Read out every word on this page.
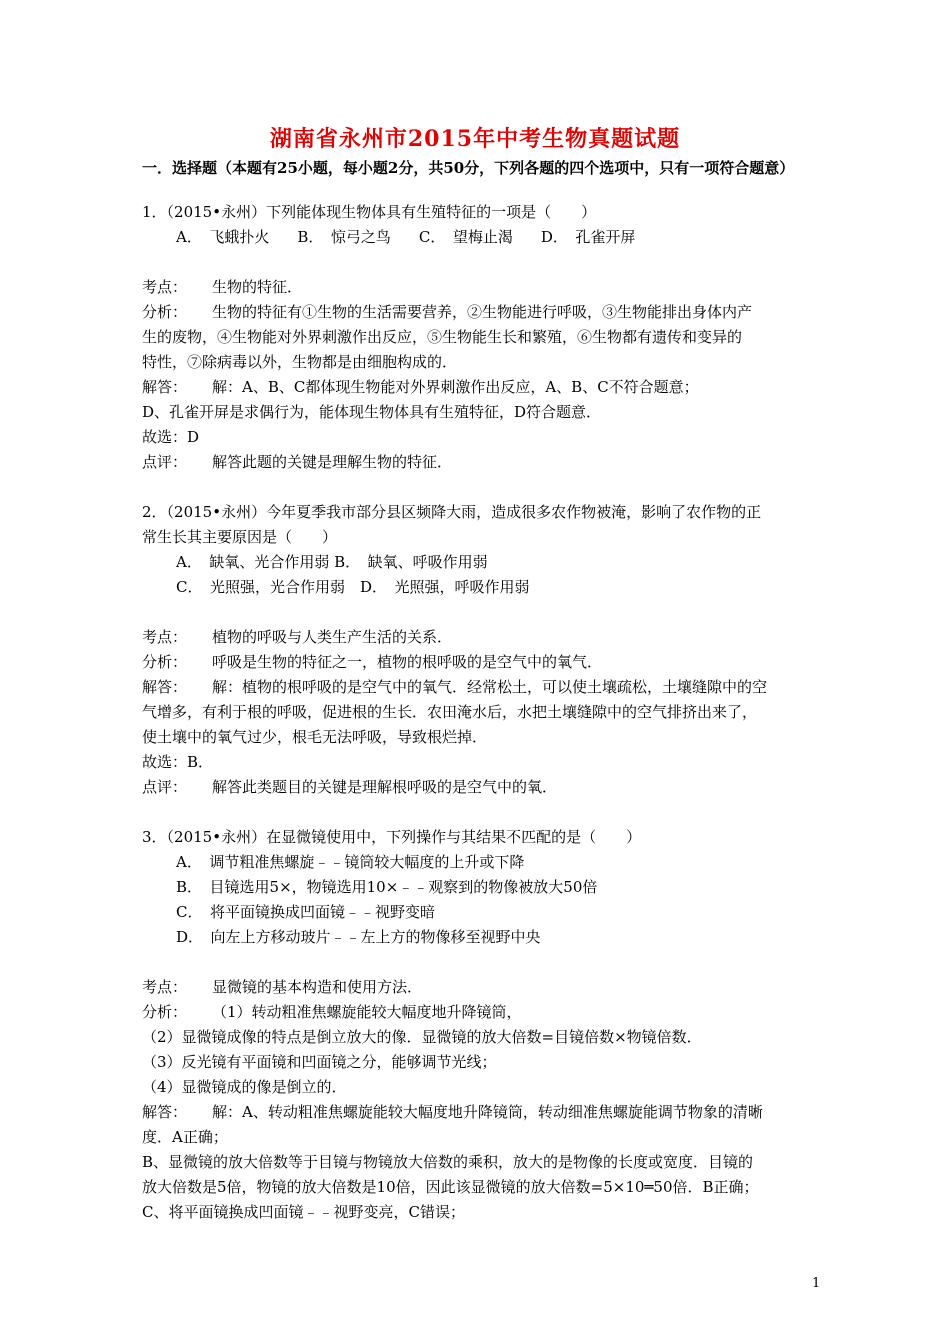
湖南省永州市2015年中考生物真题试题
一．选择题（本题有25小题，每小题2分，共50分，下列各题的四个选项中，只有一项符合题意）
1．（2015•永州）下列能体现生物体具有生殖特征的一项是（　　）
A．　飞蛾扑火 B．　惊弓之鸟 C．　望梅止渴 D．　孔雀开屏
考点： 生物的特征．
分析： 生物的特征有①生物的生活需要营养，②生物能进行呼吸，③生物能排出身体内产
生的废物，④生物能对外界刺激作出反应，⑤生物能生长和繁殖，⑥生物都有遗传和变异的
特性，⑦除病毒以外，生物都是由细胞构成的．
解答： 解：A、B、C都体现生物能对外界刺激作出反应，A、B、C不符合题意；
D、孔雀开屏是求偶行为，能体现生物体具有生殖特征，D符合题意．
故选：D
点评： 解答此题的关键是理解生物的特征．
2．（2015•永州）今年夏季我市部分县区频降大雨，造成很多农作物被淹，影响了农作物的正
常生长其主要原因是（　　）
A．　缺氧、光合作用弱 B．　缺氧、呼吸作用弱
C．　光照强，光合作用弱　D．　光照强，呼吸作用弱
考点： 植物的呼吸与人类生产生活的关系．
分析： 呼吸是生物的特征之一，植物的根呼吸的是空气中的氧气．
解答： 解：植物的根呼吸的是空气中的氧气．经常松土，可以使土壤疏松，土壤缝隙中的空
气增多，有利于根的呼吸，促进根的生长．农田淹水后，水把土壤缝隙中的空气排挤出来了，
使土壤中的氧气过少，根毛无法呼吸，导致根烂掉．
故选：B．
点评： 解答此类题目的关键是理解根呼吸的是空气中的氧．
3．（2015•永州）在显微镜使用中，下列操作与其结果不匹配的是（　　）
A．　调节粗准焦螺旋﹣﹣镜筒较大幅度的上升或下降
B．　目镜选用5×，物镜选用10×﹣﹣观察到的物像被放大50倍
C．　将平面镜换成凹面镜﹣﹣视野变暗
D．　向左上方移动玻片﹣﹣左上方的物像移至视野中央
考点： 显微镜的基本构造和使用方法．
分析： （1）转动粗准焦螺旋能较大幅度地升降镜筒，
（2）显微镜成像的特点是倒立放大的像．显微镜的放大倍数=目镜倍数×物镜倍数．
（3）反光镜有平面镜和凹面镜之分，能够调节光线；
（4）显微镜成的像是倒立的．
解答： 解：A、转动粗准焦螺旋能较大幅度地升降镜筒，转动细准焦螺旋能调节物象的清晰
度．A正确；
B、显微镜的放大倍数等于目镜与物镜放大倍数的乘积，放大的是物像的长度或宽度．目镜的
放大倍数是5倍，物镜的放大倍数是10倍，因此该显微镜的放大倍数=5×10═50倍．B正确；
C、将平面镜换成凹面镜﹣﹣视野变亮，C错误；
1
